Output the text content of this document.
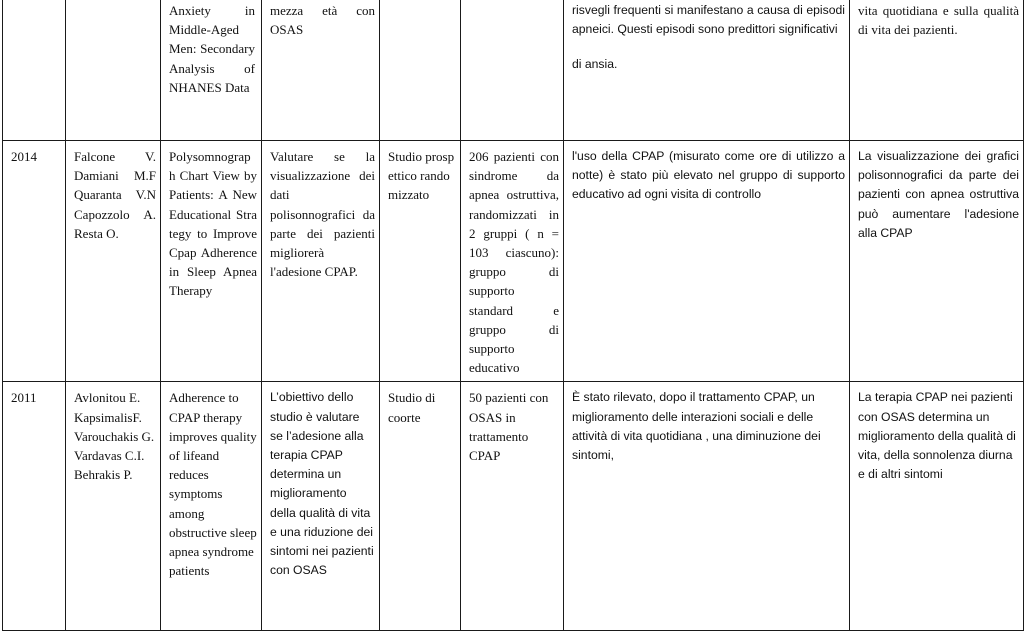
		Anxiety in Middle-Aged Men: Secondary Analysis of NHANES Data	mezza età con OSAS			risvegli frequenti si manifestano a causa di episodi apneici. Questi episodi sono predittori significativi
di ansia.	vita quotidiana e sulla qualità di vita dei pazienti.
2014	Falcone V. Damiani M.F Quaranta V.N Capozzolo A. Resta O.	Polysomnograph Chart View by Patients: A New Educational Strategy to Improve Cpap Adherence in Sleep Apnea Therapy	Valutare se la visualizzazione dei dati polisonnografici da parte dei pazienti migliorerà l'adesione CPAP.	Studio prospettico randomizzato	206 pazienti con sindrome da apnea ostruttiva, randomizzati in 2 gruppi ( n = 103 ciascuno): gruppo di supporto standard e gruppo di supporto educativo	l'uso della CPAP (misurato come ore di utilizzo a notte) è stato più elevato nel gruppo di supporto educativo ad ogni visita di controllo	La visualizzazione dei grafici polisonnografici da parte dei pazienti con apnea ostruttiva può aumentare l'adesione alla CPAP
2011	Avlonitou E. KapsimalisF. Varouchakis G. Vardavas C.I. Behrakis P.	Adherence to CPAP therapy improves quality of lifeand reduces symptoms among obstructive sleep apnea syndrome patients	L’obiettivo dello studio è valutare se l’adesione alla terapia CPAP determina un miglioramento della qualità di vita e una riduzione dei sintomi nei pazienti con OSAS	Studio di coorte	50 pazienti con OSAS in trattamento CPAP	È stato rilevato, dopo il trattamento CPAP, un miglioramento delle interazioni sociali e delle attività di vita quotidiana , una diminuzione dei sintomi,	La terapia CPAP nei pazienti con OSAS determina un miglioramento della qualità di vita, della sonnolenza diurna e di altri sintomi
